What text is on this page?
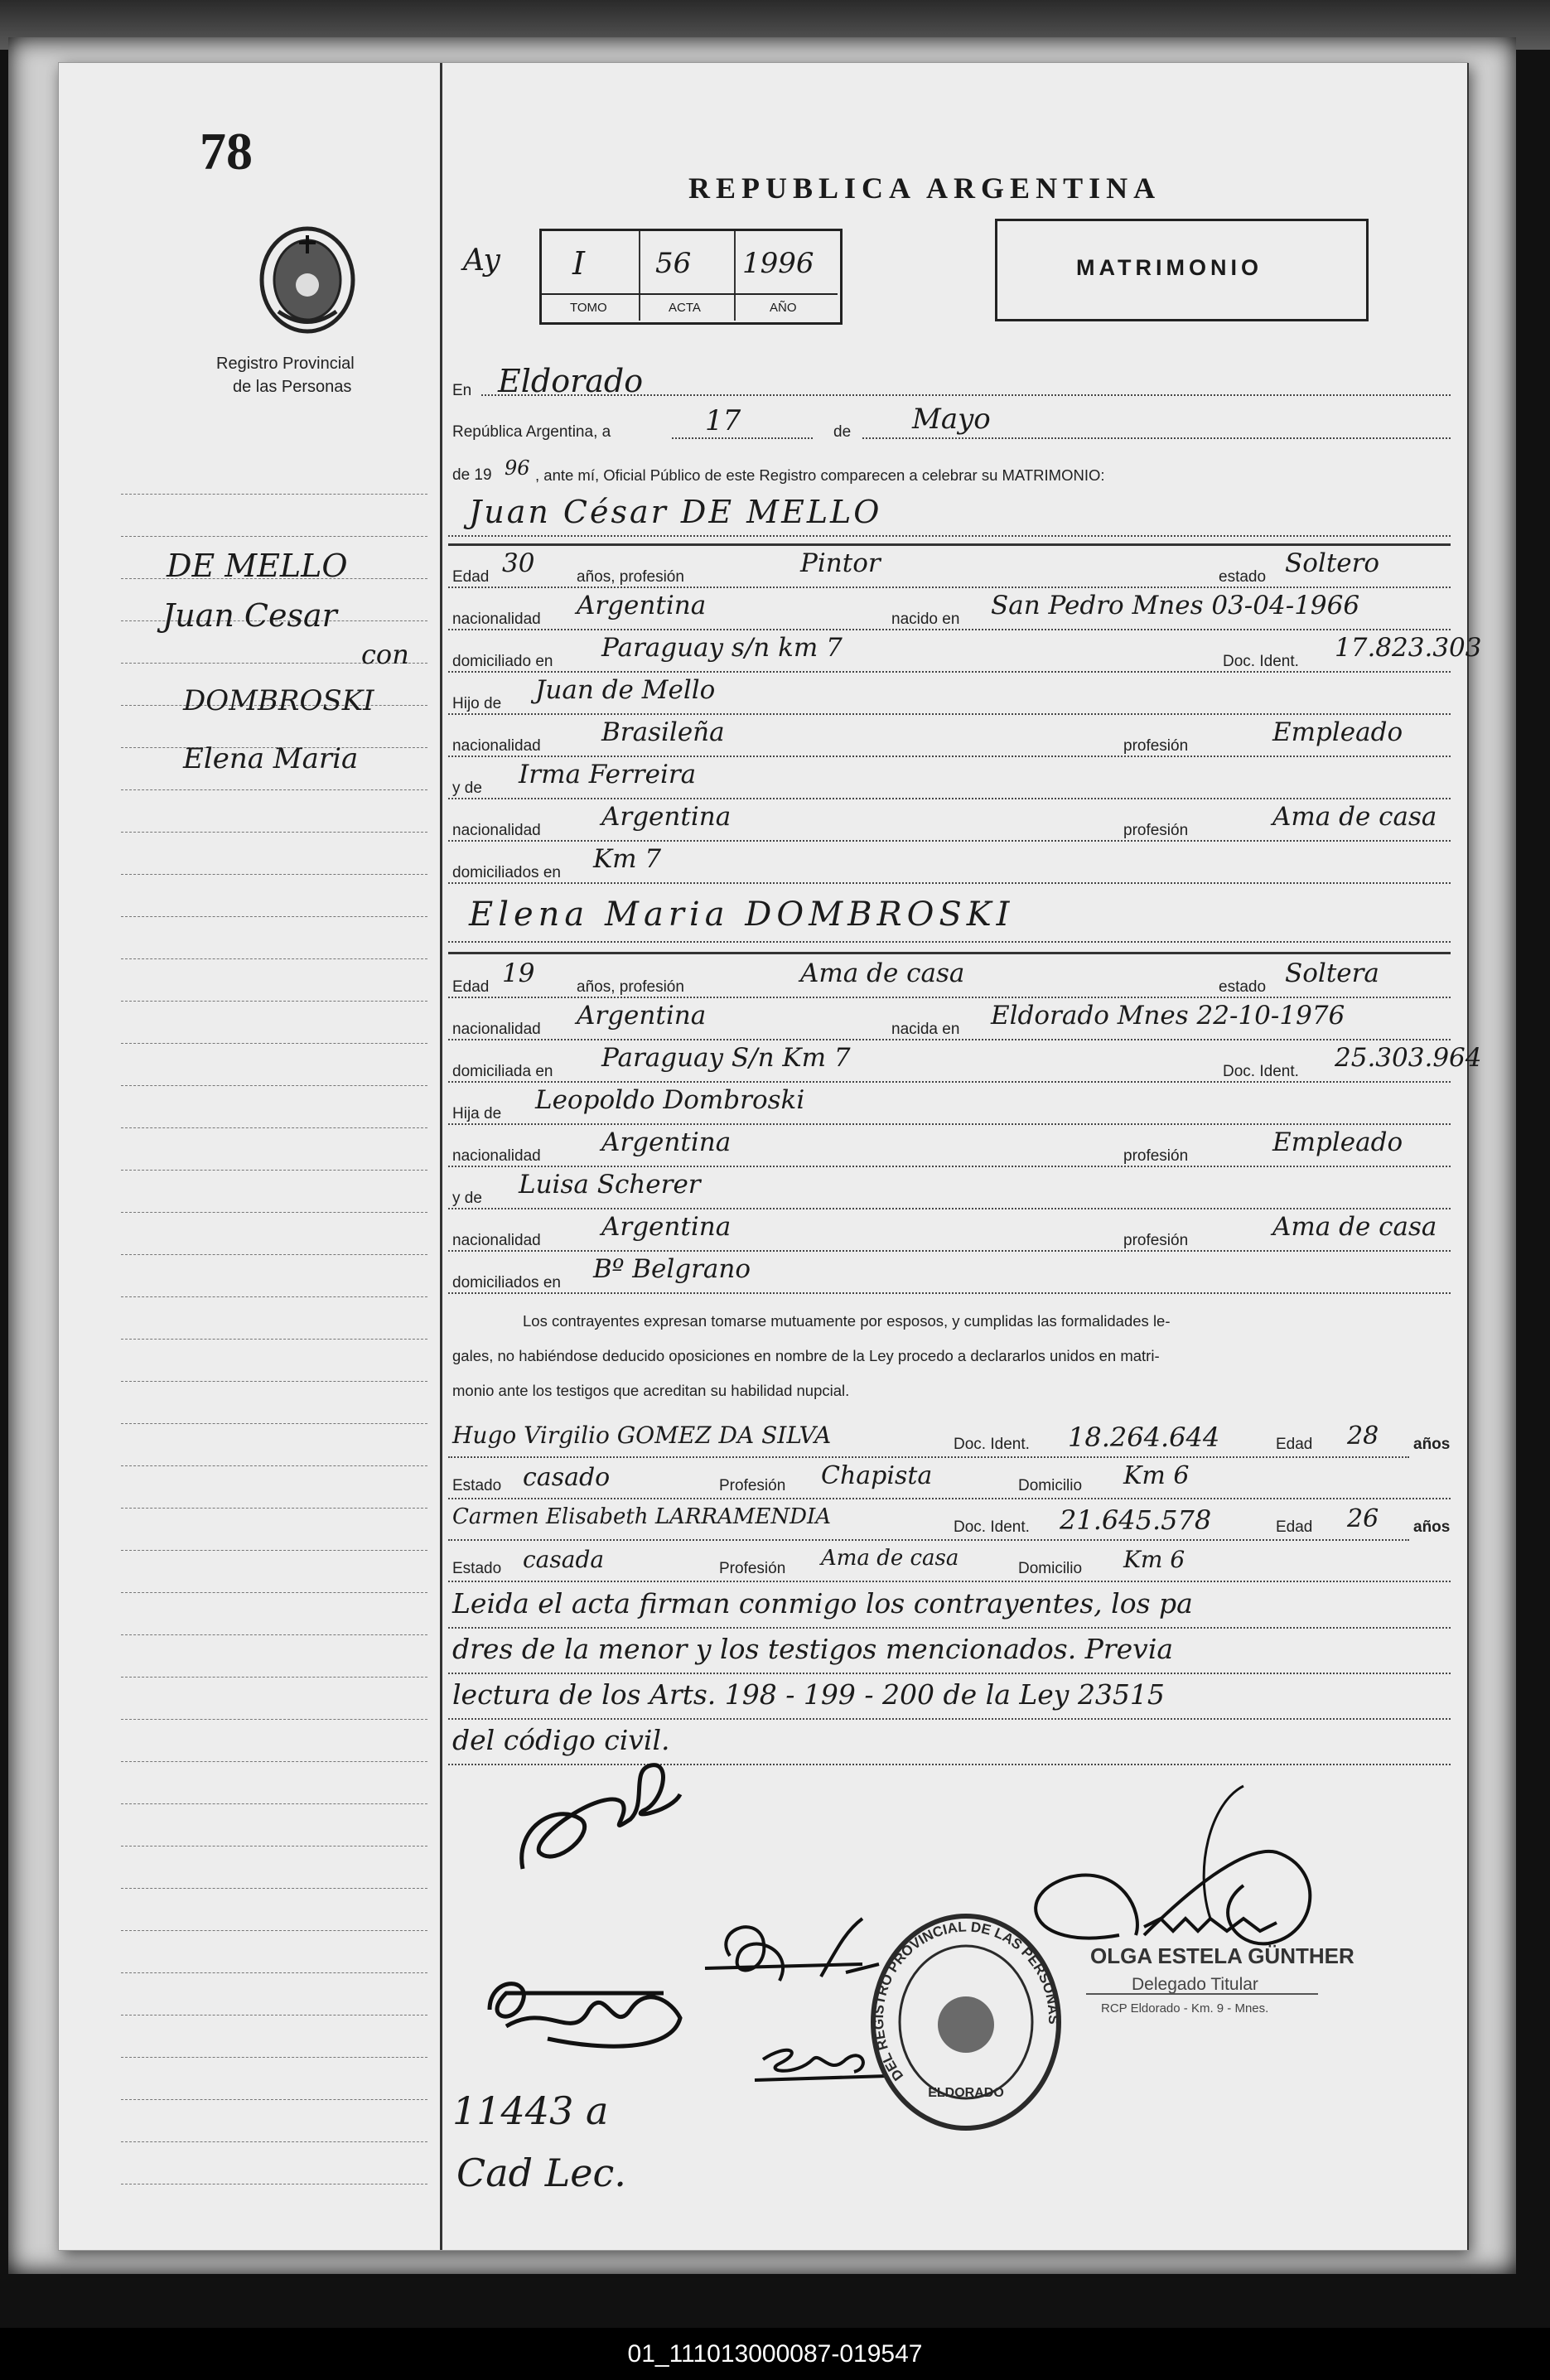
78
Registro Provincial
de las Personas
REPUBLICA ARGENTINA
Ay I 56 1996
TOMO	ACTA	AÑO
MATRIMONIO
En Eldorado
República Argentina, a	17	de Mayo
de 19 96 , ante mí, Oficial Público de este Registro comparecen a celebrar su MATRIMONIO:
Juan César DE MELLO
Elena Maria DOMBROSKI
Los contrayentes expresan tomarse mutuamente por esposos, y cumplidas las formalidades le-
gales, no habiéndose deducido oposiciones en nombre de la Ley procedo a declararlos unidos en matri-
monio ante los testigos que acreditan su habilidad nupcial.
Hugo Virgilio GOMEZ DA SILVA	Doc. Ident. 18.264.644	Edad 28 años
Estado casado	Profesión Chapista	Domicilio Km 6
Carmen Elisabeth LARRAMENDIA	Doc. Ident. 21.645.578	Edad 26 años
Estado casada	Profesión Ama de casa	Domicilio Km 6
Leida el acta firman conmigo los contrayentes, los pa
dres de la menor y los testigos mencionados. Previa
lectura de los Arts. 198 - 199 - 200 de la Ley 23515
del código civil.
OLGA ESTELA GÜNTHER
Delegado Titular
RCP Eldorado - Km. 9 - Mnes.
DEL REGISTRO PROVINCIAL DE LAS PERSONAS
ELDORADO
11443 a
Cad Lec.
DE MELLO
Juan Cesar
con
DOMBROSKI
Elena Maria
Edad 30	años, profesión	Pintor	estado Soltero
nacionalidad Argentina	nacido en San Pedro Mnes 03-04-1966
domiciliado en Paraguay s/n km 7	Doc. Ident. 17.823.303
Hijo de Juan de Mello
nacionalidad Brasileña	profesión	Empleado
y de Irma Ferreira
nacionalidad Argentina	profesión	Ama de casa
domiciliados en Km 7
Edad 19	años, profesión	Ama de casa	estado Soltera
nacionalidad Argentina	nacida en Eldorado Mnes 22-10-1976
domiciliada en Paraguay S/n Km 7	Doc. Ident. 25.303.964
Hija de Leopoldo Dombroski
nacionalidad Argentina	profesión	Empleado
y de Luisa Scherer
nacionalidad Argentina	profesión	Ama de casa
domiciliados en Bº Belgrano
01_111013000087-019547
